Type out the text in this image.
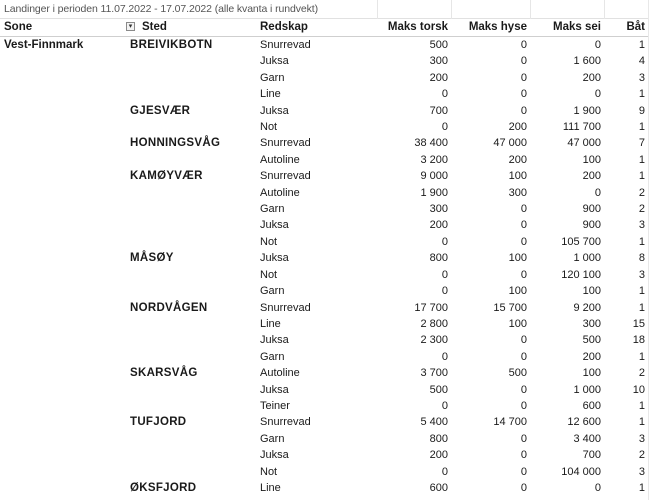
Landinger i perioden 11.07.2022 - 17.07.2022 (alle kvanta i rundvekt)
Sone	▾ Sted	Redskap	Maks torsk	Maks hyse	Maks sei	Båt
Vest-Finnmark	BREIVIKBOTN	Snurrevad	500	0	0	1
		Juksa	300	0	1 600	4
		Garn	200	0	200	3
		Line	0	0	0	1
	GJESVÆR	Juksa	700	0	1 900	9
		Not	0	200	111 700	1
	HONNINGSVÅG	Snurrevad	38 400	47 000	47 000	7
		Autoline	3 200	200	100	1
	KAMØYVÆR	Snurrevad	9 000	100	200	1
		Autoline	1 900	300	0	2
		Garn	300	0	900	2
		Juksa	200	0	900	3
		Not	0	0	105 700	1
	MÅSØY	Juksa	800	100	1 000	8
		Not	0	0	120 100	3
		Garn	0	100	100	1
	NORDVÅGEN	Snurrevad	17 700	15 700	9 200	1
		Line	2 800	100	300	15
		Juksa	2 300	0	500	18
		Garn	0	0	200	1
	SKARSVÅG	Autoline	3 700	500	100	2
		Juksa	500	0	1 000	10
		Teiner	0	0	600	1
	TUFJORD	Snurrevad	5 400	14 700	12 600	1
		Garn	800	0	3 400	3
		Juksa	200	0	700	2
		Not	0	0	104 000	3
	ØKSFJORD	Line	600	0	0	1
